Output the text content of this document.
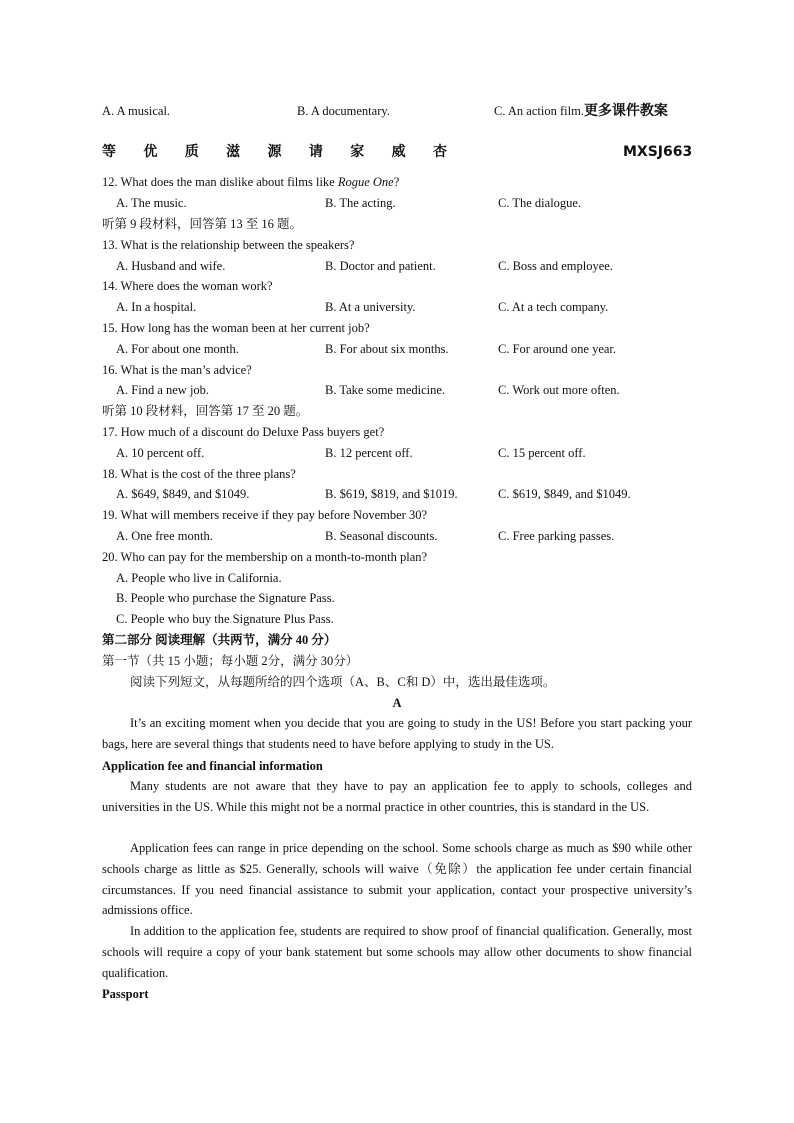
A. A musical.	B. A documentary.	C. An action film.更多课件教案
等 优 质 滋 源 请 家 威 杏	MXSJ663
12. What does the man dislike about films like Rogue One?
A. The music.	B. The acting.	C. The dialogue.
听第 9 段材料，回答第 13 至 16 题。
13. What is the relationship between the speakers?
A. Husband and wife.	B. Doctor and patient.	C. Boss and employee.
14. Where does the woman work?
A. In a hospital.	B. At a university.	C. At a tech company.
15. How long has the woman been at her current job?
A. For about one month.	B. For about six months.	C. For around one year.
16. What is the man’s advice?
A. Find a new job.	B. Take some medicine.	C. Work out more often.
听第 10 段材料，回答第 17 至 20 题。
17. How much of a discount do Deluxe Pass buyers get?
A. 10 percent off.	B. 12 percent off.	C. 15 percent off.
18. What is the cost of the three plans?
A. $649, $849, and $1049.	B. $619, $819, and $1019.	C. $619, $849, and $1049.
19. What will members receive if they pay before November 30?
A. One free month.	B. Seasonal discounts.	C. Free parking passes.
20. Who can pay for the membership on a month-to-month plan?
A. People who live in California.
B. People who purchase the Signature Pass.
C. People who buy the Signature Plus Pass.
第二部分 阅读理解（共两节，满分 40 分）
第一节（共 15 小题；每小题 2分，满分 30分）
阅读下列短文，从每题所给的四个选项（A、B、C和 D）中，选出最佳选项。
A

It’s an exciting moment when you decide that you are going to study in the US! Before you start packing your bags, here are several things that students need to have before applying to study in the US.

Application fee and financial information

Many students are not aware that they have to pay an application fee to apply to schools, colleges and universities in the US. While this might not be a normal practice in other countries, this is standard in the US.

Application fees can range in price depending on the school. Some schools charge as much as $90 while other schools charge as little as $25. Generally, schools will waive（免除）the application fee under certain financial circumstances. If you need financial assistance to submit your application, contact your prospective university’s admissions office.

In addition to the application fee, students are required to show proof of financial qualification. Generally, most schools will require a copy of your bank statement but some schools may allow other documents to show financial qualification.

Passport
